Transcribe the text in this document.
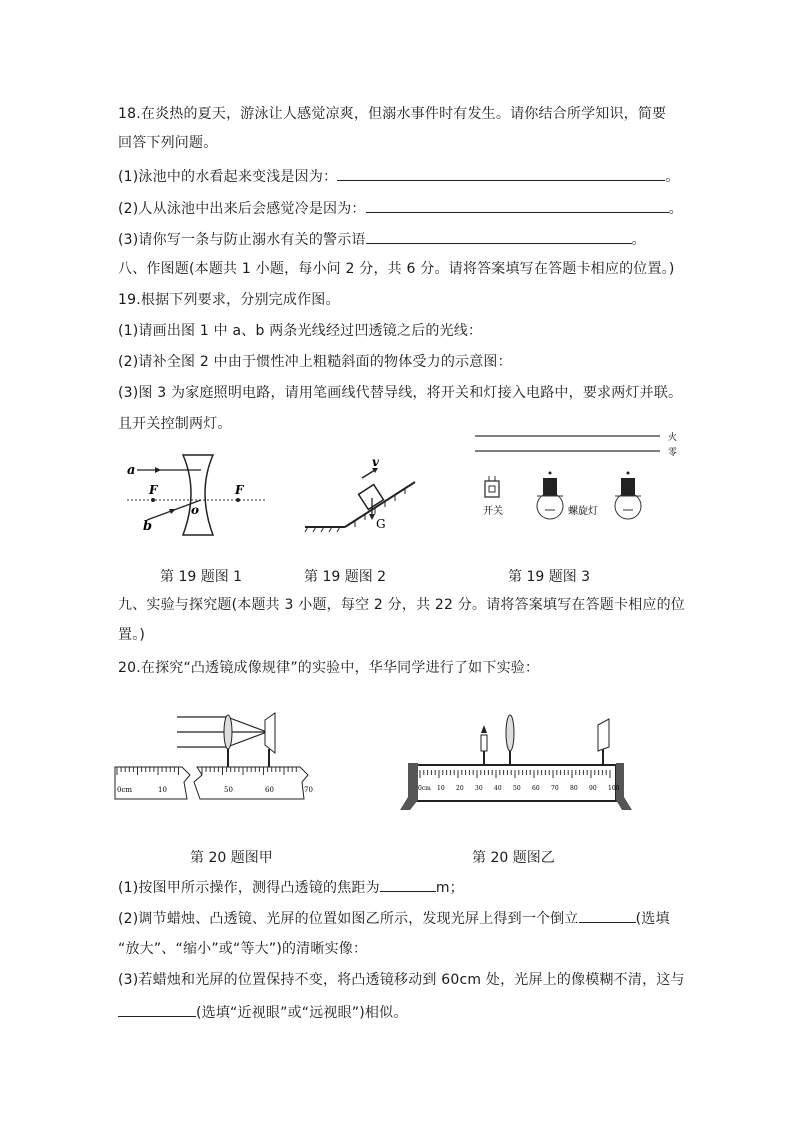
18.在炎热的夏天，游泳让人感觉凉爽，但溺水事件时有发生。请你结合所学知识，简要
回答下列问题。
(1)泳池中的水看起来变浅是因为：	。
(2)人从泳池中出来后会感觉冷是因为：	。
(3)请你写一条与防止溺水有关的警示语	。
八、作图题(本题共 1 小题，每小问 2 分，共 6 分。请将答案填写在答题卡相应的位置。)
19.根据下列要求，分别完成作图。
(1)请画出图 1 中 a、b 两条光线经过凹透镜之后的光线：
(2)请补全图 2 中由于惯性冲上粗糙斜面的物体受力的示意图：
(3)图 3 为家庭照明电路，请用笔画线代替导线，将开关和灯接入电路中，要求两灯并联。
且开关控制两灯。
a
b
F	F
o
G
v
火
零
开关	螺旋灯
第 19 题图 1	第 19 题图 2	第 19 题图 3
九、实验与探究题(本题共 3 小题，每空 2 分，共 22 分。请将答案填写在答题卡相应的位
置。)
20.在探究“凸透镜成像规律”的实验中，华华同学进行了如下实验：
0cm	10	50	60	70	0cm 10 20 30 40 50 60 70 80 90 100
第 20 题图甲	第 20 题图乙
(1)按图甲所示操作，测得凸透镜的焦距为	m；
(2)调节蜡烛、凸透镜、光屏的位置如图乙所示，发现光屏上得到一个倒立	(选填
“放大”、“缩小”或“等大”)的清晰实像：
(3)若蜡烛和光屏的位置保持不变，将凸透镜移动到 60cm 处，光屏上的像模糊不清，这与
(选填“近视眼”或“远视眼”)相似。
